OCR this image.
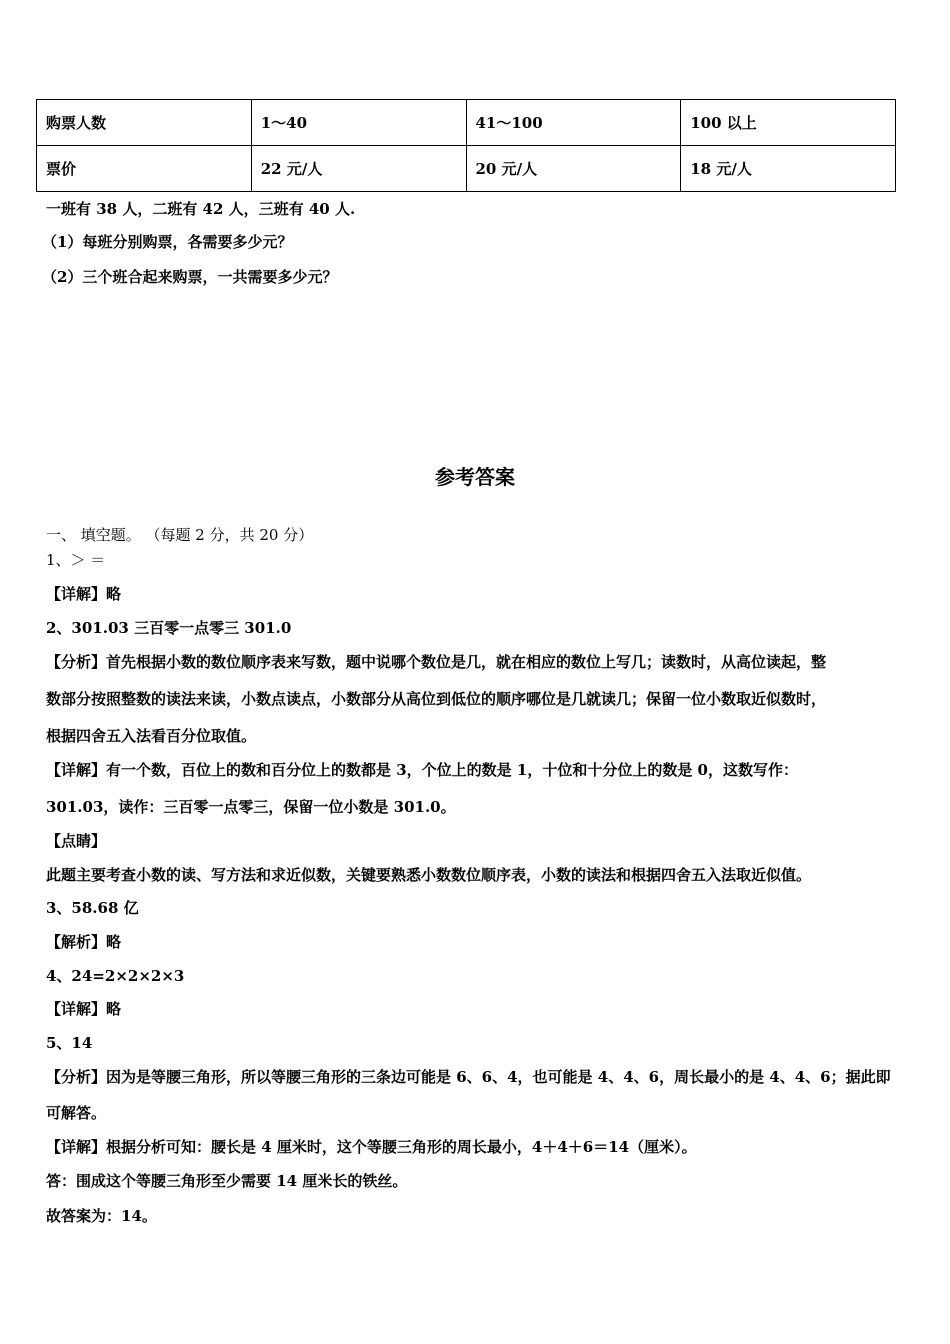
购票人数	1～40	41～100	100 以上
票价	22 元/人	20 元/人	18 元/人
一班有 38 人，二班有 42 人，三班有 40 人.
（1）每班分别购票，各需要多少元？
（2）三个班合起来购票，一共需要多少元？
参考答案
一、 填空题。 （每题 2 分，共 20 分）
1、＞ ＝
【详解】略
2、301.03 三百零一点零三 301.0
【分析】首先根据小数的数位顺序表来写数，题中说哪个数位是几，就在相应的数位上写几；读数时，从高位读起，整
数部分按照整数的读法来读，小数点读点，小数部分从高位到低位的顺序哪位是几就读几；保留一位小数取近似数时，
根据四舍五入法看百分位取值。
【详解】有一个数，百位上的数和百分位上的数都是 3，个位上的数是 1，十位和十分位上的数是 0，这数写作：
301.03，读作：三百零一点零三，保留一位小数是 301.0。
【点睛】
此题主要考查小数的读、写方法和求近似数，关键要熟悉小数数位顺序表，小数的读法和根据四舍五入法取近似值。
3、58.68 亿
【解析】略
4、24=2×2×2×3
【详解】略
5、14
【分析】因为是等腰三角形，所以等腰三角形的三条边可能是 6、6、4，也可能是 4、4、6，周长最小的是 4、4、6；据此即
可解答。
【详解】根据分析可知：腰长是 4 厘米时，这个等腰三角形的周长最小，4＋4＋6＝14（厘米）。
答：围成这个等腰三角形至少需要 14 厘米长的铁丝。
故答案为：14。
